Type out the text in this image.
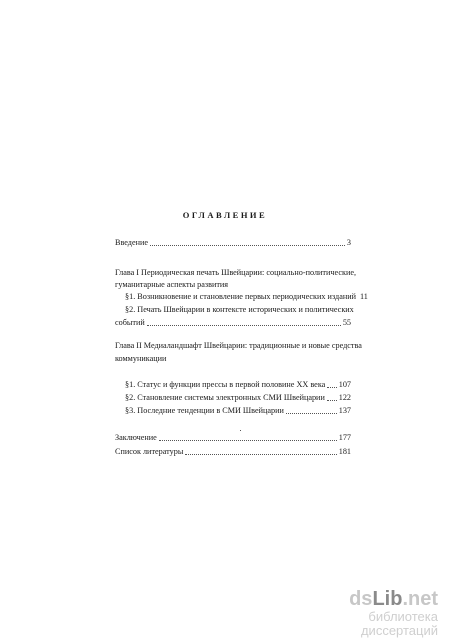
ОГЛАВЛЕНИЕ
Введение	3
Глава I Периодическая печать Швейцарии: социально-политические,
гуманитарные аспекты развития
§1. Возникновение и становление первых периодических изданий 11
§2. Печать Швейцарии в контексте исторических и политических
событий	55
Глава II Медиаландшафт Швейцарии: традиционные и новые средства
коммуникации
§1. Статус и функции прессы в первой половине XX века 107
§2. Становление системы электронных СМИ Швейцарии 122
§3. Последние тенденции в СМИ Швейцарии	137
Заключение	177
Список литературы	181
dsLib.net
библиотека диссертаций
